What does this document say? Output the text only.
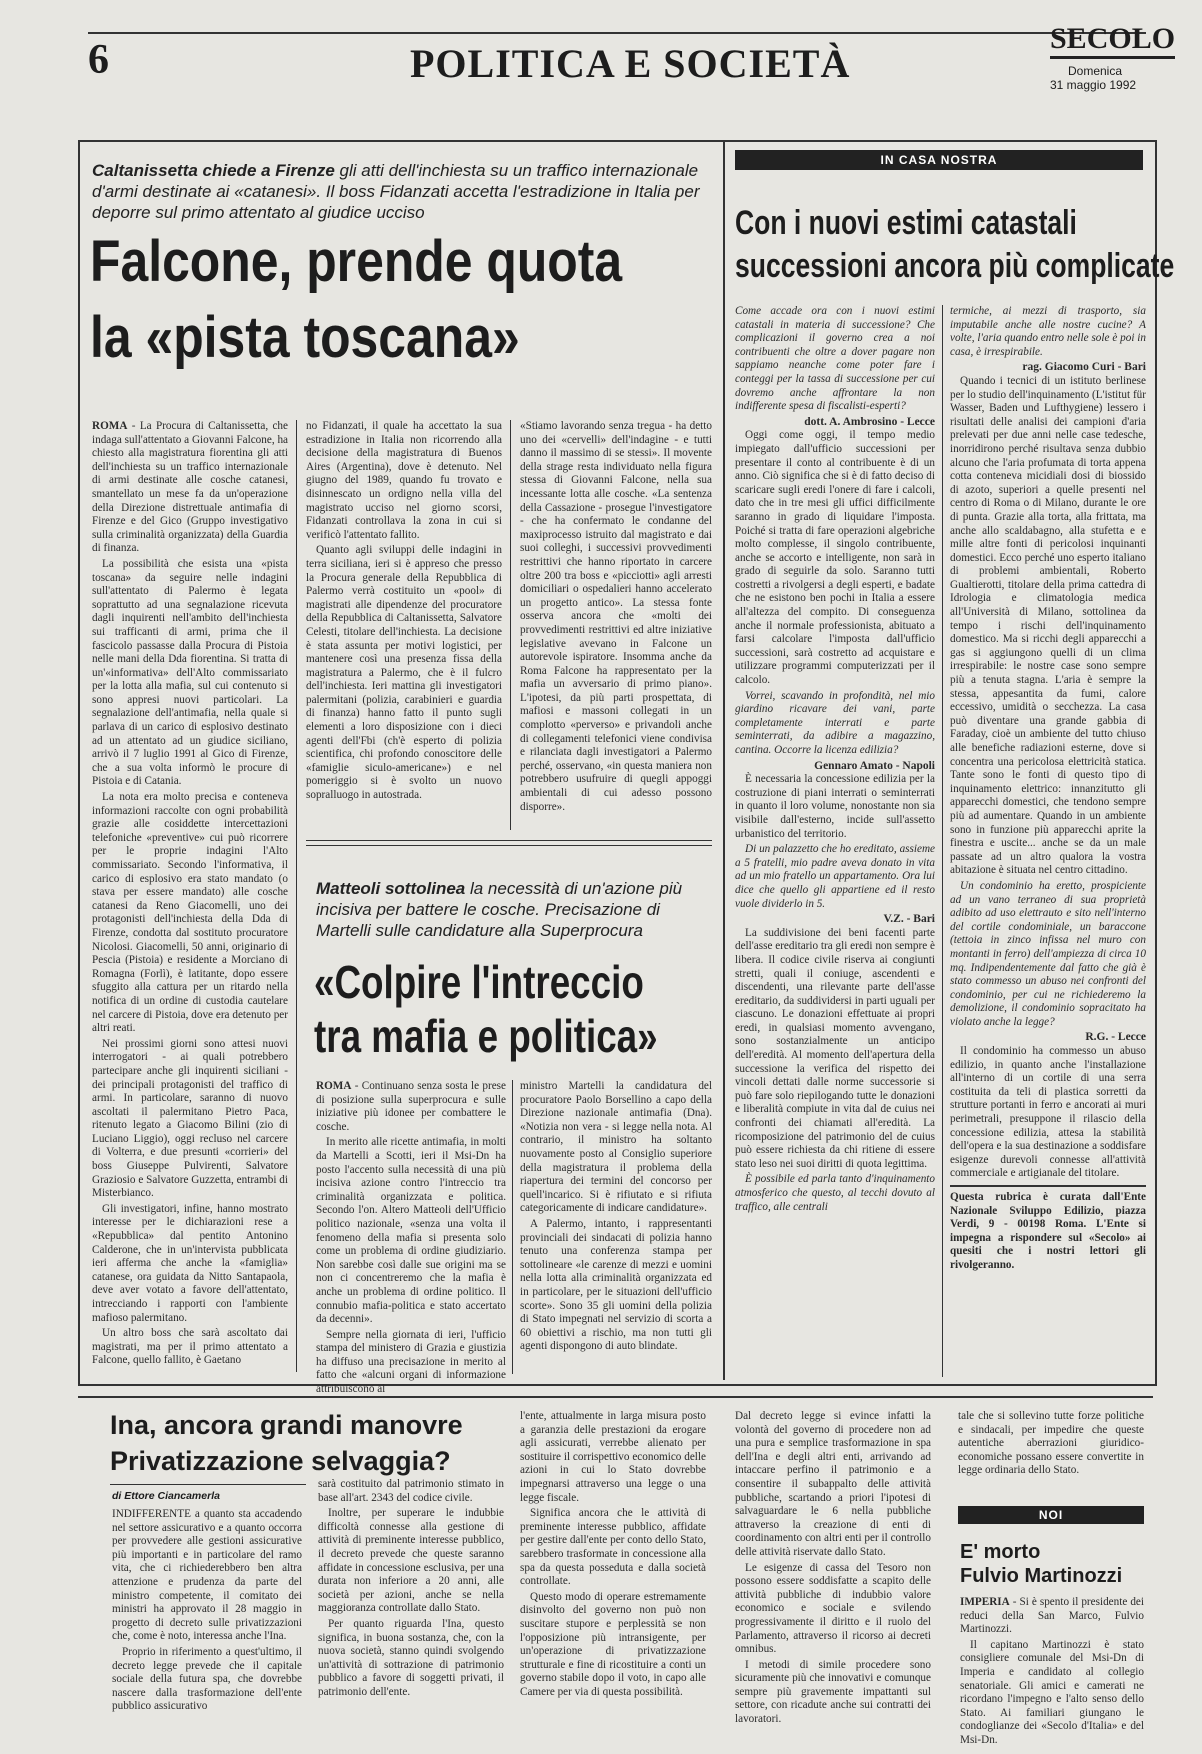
6	POLITICA E SOCIETÀ
SECOLO
Domenica
31 maggio 1992
Caltanissetta chiede a Firenze gli atti dell'inchiesta su un traffico internazionale d'armi destinate ai «catanesi». Il boss Fidanzati accetta l'estradizione in Italia per deporre sul primo attentato al giudice ucciso
Falcone, prende quota
la «pista toscana»

ROMA - La Procura di Caltanissetta, che indaga sull'attentato a Giovanni Falcone, ha chiesto alla magistratura fiorentina gli atti dell'inchiesta su un traffico internazionale di armi destinate alle cosche catanesi, smantellato un mese fa da un'operazione della Direzione distrettuale antimafia di Firenze e del Gico (Gruppo investigativo sulla criminalità organizzata) della Guardia di finanza.

La possibilità che esista una «pista toscana» da seguire nelle indagini sull'attentato di Palermo è legata soprattutto ad una segnalazione ricevuta dagli inquirenti nell'ambito dell'inchiesta sui trafficanti di armi, prima che il fascicolo passasse dalla Procura di Pistoia nelle mani della Dda fiorentina. Si tratta di un'«informativa» dell'Alto commissariato per la lotta alla mafia, sul cui contenuto si sono appresi nuovi particolari. La segnalazione dell'antimafia, nella quale si parlava di un carico di esplosivo destinato ad un attentato ad un giudice siciliano, arrivò il 7 luglio 1991 al Gico di Firenze, che a sua volta informò le procure di Pistoia e di Catania.

La nota era molto precisa e conteneva informazioni raccolte con ogni probabilità grazie alle cosiddette intercettazioni telefoniche «preventive» cui può ricorrere per le proprie indagini l'Alto commissariato. Secondo l'informativa, il carico di esplosivo era stato mandato (o stava per essere mandato) alle cosche catanesi da Reno Giacomelli, uno dei protagonisti dell'inchiesta della Dda di Firenze, condotta dal sostituto procuratore Nicolosi. Giacomelli, 50 anni, originario di Pescia (Pistoia) e residente a Morciano di Romagna (Forlì), è latitante, dopo essere sfuggito alla cattura per un ritardo nella notifica di un ordine di custodia cautelare nel carcere di Pistoia, dove era detenuto per altri reati.

Nei prossimi giorni sono attesi nuovi interrogatori - ai quali potrebbero partecipare anche gli inquirenti siciliani - dei principali protagonisti del traffico di armi. In particolare, saranno di nuovo ascoltati il palermitano Pietro Paca, ritenuto legato a Giacomo Bilini (zio di Luciano Liggio), oggi recluso nel carcere di Volterra, e due presunti «corrieri» del boss Giuseppe Pulvirenti, Salvatore Graziosio e Salvatore Guzzetta, entrambi di Misterbianco.

Gli investigatori, infine, hanno mostrato interesse per le dichiarazioni rese a «Repubblica» dal pentito Antonino Calderone, che in un'intervista pubblicata ieri afferma che anche la «famiglia» catanese, ora guidata da Nitto Santapaola, deve aver votato a favore dell'attentato, intrecciando i rapporti con l'ambiente mafioso palermitano.

Un altro boss che sarà ascoltato dai magistrati, ma per il primo attentato a Falcone, quello fallito, è Gaetano

no Fidanzati, il quale ha accettato la sua estradizione in Italia non ricorrendo alla decisione della magistratura di Buenos Aires (Argentina), dove è detenuto. Nel giugno del 1989, quando fu trovato e disinnescato un ordigno nella villa del magistrato ucciso nel giorno scorsi, Fidanzati controllava la zona in cui si verificò l'attentato fallito.

Quanto agli sviluppi delle indagini in terra siciliana, ieri si è appreso che presso la Procura generale della Repubblica di Palermo verrà costituito un «pool» di magistrati alle dipendenze del procuratore della Repubblica di Caltanissetta, Salvatore Celesti, titolare dell'inchiesta. La decisione è stata assunta per motivi logistici, per mantenere così una presenza fissa della magistratura a Palermo, che è il fulcro dell'inchiesta. Ieri mattina gli investigatori palermitani (polizia, carabinieri e guardia di finanza) hanno fatto il punto sugli elementi a loro disposizione con i dieci agenti dell'Fbi (ch'è esperto di polizia scientifica, chi profondo conoscitore delle «famiglie siculo-americane») e nel pomeriggio si è svolto un nuovo sopralluogo in autostrada.

«Stiamo lavorando senza tregua - ha detto uno dei «cervelli» dell'indagine - e tutti danno il massimo di se stessi». Il movente della strage resta individuato nella figura stessa di Giovanni Falcone, nella sua incessante lotta alle cosche. «La sentenza della Cassazione - prosegue l'investigatore - che ha confermato le condanne del maxiprocesso istruito dal magistrato e dai suoi colleghi, i successivi provvedimenti restrittivi che hanno riportato in carcere oltre 200 tra boss e «picciotti» agli arresti domiciliari o ospedalieri hanno accelerato un progetto antico». La stessa fonte osserva ancora che «molti dei provvedimenti restrittivi ed altre iniziative legislative avevano in Falcone un autorevole ispiratore. Insomma anche da Roma Falcone ha rappresentato per la mafia un avversario di primo piano». L'ipotesi, da più parti prospettata, di mafiosi e massoni collegati in un complotto «perverso» e privandoli anche di collegamenti telefonici viene condivisa e rilanciata dagli investigatori a Palermo perché, osservano, «in questa maniera non potrebbero usufruire di quegli appoggi ambientali di cui adesso possono disporre».

Matteoli sottolinea la necessità di un'azione più incisiva per battere le cosche. Precisazione di Martelli sulle candidature alla Superprocura
«Colpire l'intreccio
tra mafia e politica»

ROMA - Continuano senza sosta le prese di posizione sulla superprocura e sulle iniziative più idonee per combattere le cosche.

In merito alle ricette antimafia, in molti da Martelli a Scotti, ieri il Msi-Dn ha posto l'accento sulla necessità di una più incisiva azione contro l'intreccio tra criminalità organizzata e politica. Secondo l'on. Altero Matteoli dell'Ufficio politico nazionale, «senza una volta il fenomeno della mafia si presenta solo come un problema di ordine giudiziario. Non sarebbe così dalle sue origini ma se non ci concentreremo che la mafia è anche un problema di ordine politico. Il connubio mafia-politica e stato accertato da decenni».

Sempre nella giornata di ieri, l'ufficio stampa del ministero di Grazia e giustizia ha diffuso una precisazione in merito al fatto che «alcuni organi di informazione attribuiscono al

ministro Martelli la candidatura del procuratore Paolo Borsellino a capo della Direzione nazionale antimafia (Dna). «Notizia non vera - si legge nella nota. Al contrario, il ministro ha soltanto nuovamente posto al Consiglio superiore della magistratura il problema della riapertura dei termini del concorso per quell'incarico. Si è rifiutato e si rifiuta categoricamente di indicare candidature».

A Palermo, intanto, i rappresentanti provinciali dei sindacati di polizia hanno tenuto una conferenza stampa per sottolineare «le carenze di mezzi e uomini nella lotta alla criminalità organizzata ed in particolare, per le situazioni dell'ufficio scorte». Sono 35 gli uomini della polizia di Stato impegnati nel servizio di scorta a 60 obiettivi a rischio, ma non tutti gli agenti dispongono di auto blindate.

IN CASA NOSTRA
Con i nuovi estimi catastali
successioni ancora più complicate

Come accade ora con i nuovi estimi catastali in materia di successione? Che complicazioni il governo crea a noi contribuenti che oltre a dover pagare non sappiamo neanche come poter fare i conteggi per la tassa di successione per cui dovremo anche affrontare la non indifferente spesa di fiscalisti-esperti?

dott. A. Ambrosino - Lecce

Oggi come oggi, il tempo medio impiegato dall'ufficio successioni per presentare il conto al contribuente è di un anno. Ciò significa che si è di fatto deciso di scaricare sugli eredi l'onere di fare i calcoli, dato che in tre mesi gli uffici difficilmente saranno in grado di liquidare l'imposta. Poiché si tratta di fare operazioni algebriche molto complesse, il singolo contribuente, anche se accorto e intelligente, non sarà in grado di seguirle da solo. Saranno tutti costretti a rivolgersi a degli esperti, e badate che ne esistono ben pochi in Italia a essere all'altezza del compito. Di conseguenza anche il normale professionista, abituato a farsi calcolare l'imposta dall'ufficio successioni, sarà costretto ad acquistare e utilizzare programmi computerizzati per il calcolo.

Vorrei, scavando in profondità, nel mio giardino ricavare dei vani, parte completamente interrati e parte seminterrati, da adibire a magazzino, cantina. Occorre la licenza edilizia?

Gennaro Amato - Napoli

È necessaria la concessione edilizia per la costruzione di piani interrati o seminterrati in quanto il loro volume, nonostante non sia visibile dall'esterno, incide sull'assetto urbanistico del territorio.

Di un palazzetto che ho ereditato, assieme a 5 fratelli, mio padre aveva donato in vita ad un mio fratello un appartamento. Ora lui dice che quello gli appartiene ed il resto vuole dividerlo in 5.

V.Z. - Bari

La suddivisione dei beni facenti parte dell'asse ereditario tra gli eredi non sempre è libera. Il codice civile riserva ai congiunti stretti, quali il coniuge, ascendenti e discendenti, una rilevante parte dell'asse ereditario, da suddividersi in parti uguali per ciascuno. Le donazioni effettuate ai propri eredi, in qualsiasi momento avvengano, sono sostanzialmente un anticipo dell'eredità. Al momento dell'apertura della successione la verifica del rispetto dei vincoli dettati dalle norme successorie si può fare solo riepilogando tutte le donazioni e liberalità compiute in vita dal de cuius nei confronti dei chiamati all'eredità. La ricomposizione del patrimonio del de cuius può essere richiesta da chi ritiene di essere stato leso nei suoi diritti di quota legittima.

È possibile ed parla tanto d'inquinamento atmosferico che questo, al tecchi dovuto al traffico, alle centrali

termiche, ai mezzi di trasporto, sia imputabile anche alle nostre cucine? A volte, l'aria quando entro nelle sole è poi in casa, è irrespirabile.

rag. Giacomo Curi - Bari

Quando i tecnici di un istituto berlinese per lo studio dell'inquinamento (L'istitut für Wasser, Baden und Lufthygiene) lessero i risultati delle analisi dei campioni d'aria prelevati per due anni nelle case tedesche, inorridirono perché risultava senza dubbio alcuno che l'aria profumata di torta appena cotta conteneva micidiali dosi di biossido di azoto, superiori a quelle presenti nel centro di Roma o di Milano, durante le ore di punta. Grazie alla torta, alla frittata, ma anche allo scaldabagno, alla stufetta e e mille altre fonti di pericolosi inquinanti domestici. Ecco perché uno esperto italiano di problemi ambientali, Roberto Gualtierotti, titolare della prima cattedra di Idrologia e climatologia medica all'Università di Milano, sottolinea da tempo i rischi dell'inquinamento domestico. Ma si ricchi degli apparecchi a gas si aggiungono quelli di un clima irrespirabile: le nostre case sono sempre più a tenuta stagna. L'aria è sempre la stessa, appesantita da fumi, calore eccessivo, umidità o secchezza. La casa può diventare una grande gabbia di Faraday, cioè un ambiente del tutto chiuso alle benefiche radiazioni esterne, dove si concentra una pericolosa elettricità statica. Tante sono le fonti di questo tipo di inquinamento elettrico: innanzitutto gli apparecchi domestici, che tendono sempre più ad aumentare. Quando in un ambiente sono in funzione più apparecchi aprite la finestra e uscite... anche se da un male passate ad un altro qualora la vostra abitazione è situata nel centro cittadino.

Un condominio ha eretto, prospiciente ad un vano terraneo di sua proprietà adibito ad uso elettrauto e sito nell'interno del cortile condominiale, un baraccone (tettoia in zinco infissa nel muro con montanti in ferro) dell'ampiezza di circa 10 mq. Indipendentemente dal fatto che già è stato commesso un abuso nei confronti del condominio, per cui ne richiederemo la demolizione, il condominio sopracitato ha violato anche la legge?

R.G. - Lecce

Il condominio ha commesso un abuso edilizio, in quanto anche l'installazione all'interno di un cortile di una serra costituita da teli di plastica sorretti da strutture portanti in ferro e ancorati ai muri perimetrali, presuppone il rilascio della concessione edilizia, attesa la stabilità dell'opera e la sua destinazione a soddisfare esigenze durevoli connesse all'attività commerciale e artigianale del titolare.

Questa rubrica è curata dall'Ente Nazionale Sviluppo Edilizio, piazza Verdi, 9 - 00198 Roma. L'Ente si impegna a rispondere sul «Secolo» ai quesiti che i nostri lettori gli rivolgeranno.

Ina, ancora grandi manovre
Privatizzazione selvaggia?
di Ettore Ciancamerla

INDIFFERENTE a quanto sta accadendo nel settore assicurativo e a quanto occorra per provvedere alle gestioni assicurative più importanti e in particolare del ramo vita, che ci richiederebbero ben altra attenzione e prudenza da parte del ministro competente, il comitato dei ministri ha approvato il 28 maggio in progetto di decreto sulle privatizzazioni che, come è noto, interessa anche l'Ina.

Proprio in riferimento a quest'ultimo, il decreto legge prevede che il capitale sociale della futura spa, che dovrebbe nascere dalla trasformazione dell'ente pubblico assicurativo

sarà costituito dal patrimonio stimato in base all'art. 2343 del codice civile.

Inoltre, per superare le indubbie difficoltà connesse alla gestione di attività di preminente interesse pubblico, il decreto prevede che queste saranno affidate in concessione esclusiva, per una durata non inferiore a 20 anni, alle società per azioni, anche se nella maggioranza controllate dallo Stato.

Per quanto riguarda l'Ina, questo significa, in buona sostanza, che, con la nuova società, stanno quindi svolgendo un'attività di sottrazione di patrimonio pubblico a favore di soggetti privati, il patrimonio dell'ente.

l'ente, attualmente in larga misura posto a garanzia delle prestazioni da erogare agli assicurati, verrebbe alienato per sostituire il corrispettivo economico delle azioni in cui lo Stato dovrebbe impegnarsi attraverso una legge o una legge fiscale.

Significa ancora che le attività di preminente interesse pubblico, affidate per gestire dall'ente per conto dello Stato, sarebbero trasformate in concessione alla spa da questa posseduta e dalla società controllate.

Questo modo di operare estremamente disinvolto del governo non può non suscitare stupore e perplessità se non l'opposizione più intransigente, per un'operazione di privatizzazione strutturale e fine di ricostituire a conti un governo stabile dopo il voto, in capo alle Camere per via di questa possibilità.

Dal decreto legge si evince infatti la volontà del governo di procedere non ad una pura e semplice trasformazione in spa dell'Ina e degli altri enti, arrivando ad intaccare perfino il patrimonio e a consentire il subappalto delle attività pubbliche, scartando a priori l'ipotesi di salvaguardare le 6 nella pubbliche attraverso la creazione di enti di coordinamento con altri enti per il controllo delle attività riservate dallo Stato.

Le esigenze di cassa del Tesoro non possono essere soddisfatte a scapito delle attività pubbliche di indubbio valore economico e sociale e svilendo progressivamente il diritto e il ruolo del Parlamento, attraverso il ricorso ai decreti omnibus.

I metodi di simile procedere sono sicuramente più che innovativi e comunque sempre più gravemente impattanti sul settore, con ricadute anche sui contratti dei lavoratori.

tale che si sollevino tutte forze politiche e sindacali, per impedire che queste autentiche aberrazioni giuridico-economiche possano essere convertite in legge ordinaria dello Stato.

NOI
E' morto
Fulvio Martinozzi

IMPERIA - Si è spento il presidente dei reduci della San Marco, Fulvio Martinozzi.

Il capitano Martinozzi è stato consigliere comunale del Msi-Dn di Imperia e candidato al collegio senatoriale. Gli amici e camerati ne ricordano l'impegno e l'alto senso dello Stato. Ai familiari giungano le condoglianze dei «Secolo d'Italia» e del Msi-Dn.
